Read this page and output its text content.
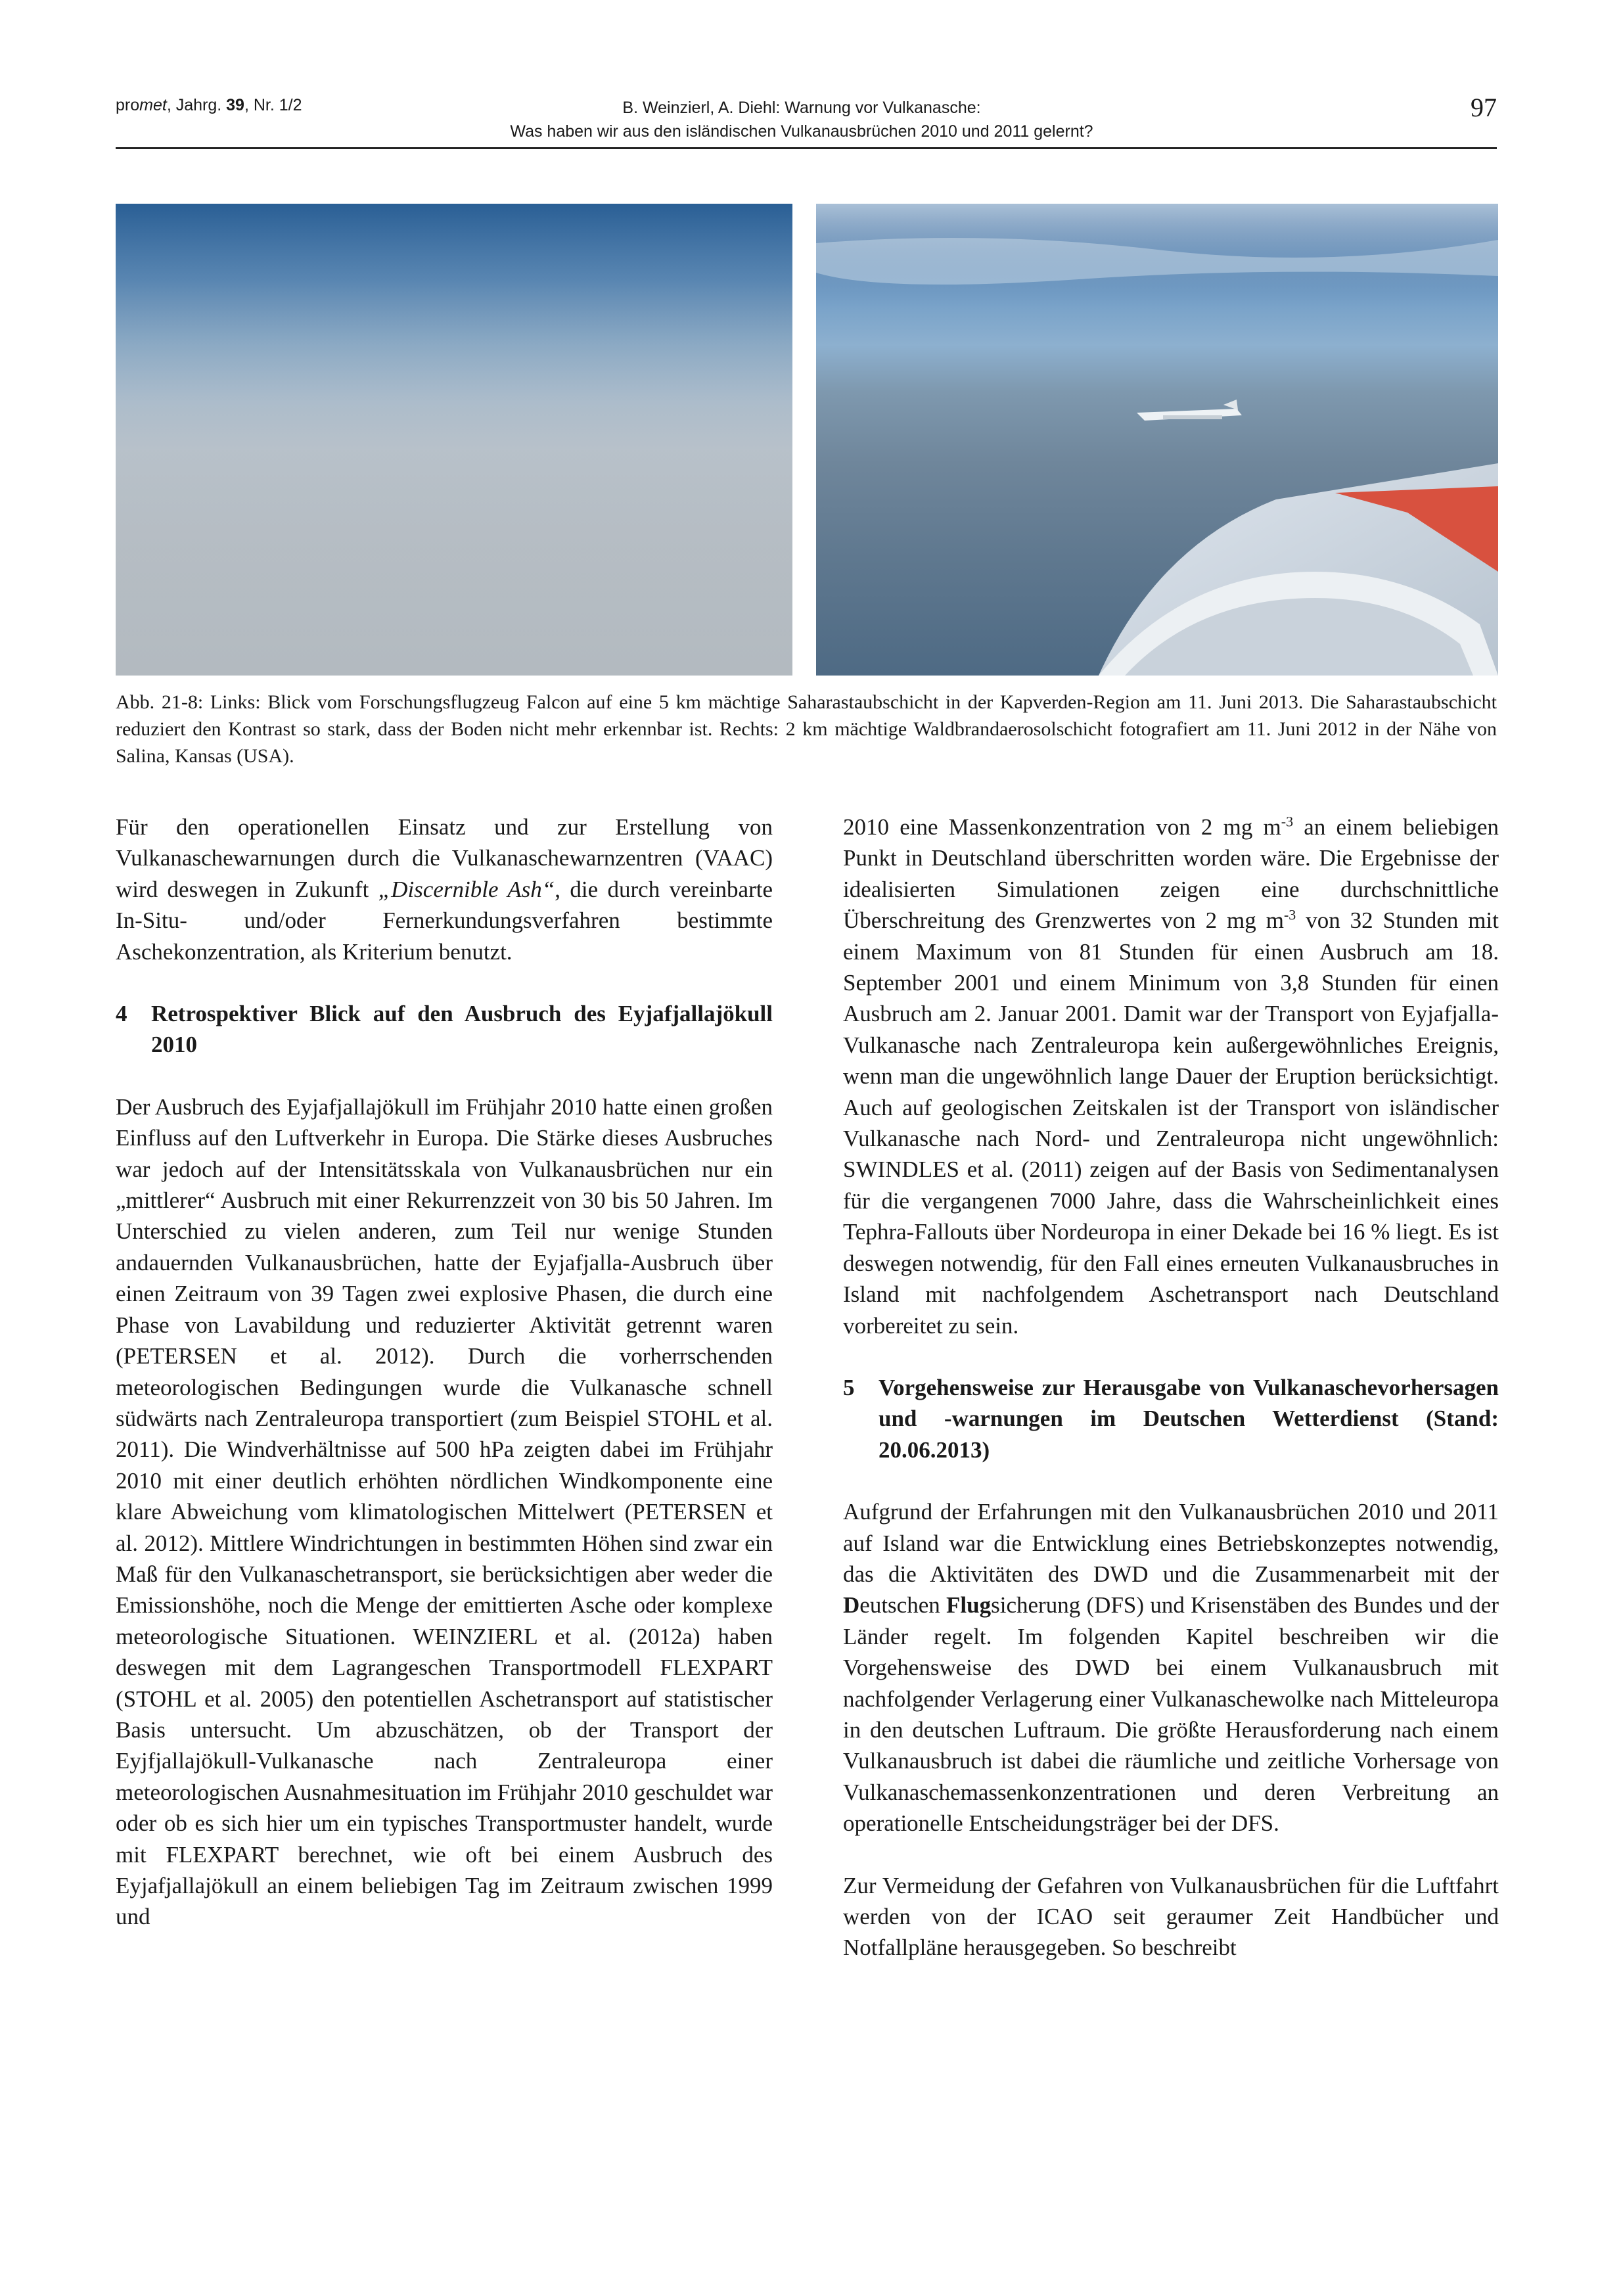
promet, Jahrg. 39, Nr. 1/2	B. Weinzierl, A. Diehl: Warnung vor Vulkanasche:
Was haben wir aus den isländischen Vulkanausbrüchen 2010 und 2011 gelernt?
97
Abb. 21-8: Links: Blick vom Forschungsflugzeug Falcon auf eine 5 km mächtige Saharastaubschicht in der Kapverden-Region am 11. Juni 2013. Die Saharastaubschicht reduziert den Kontrast so stark, dass der Boden nicht mehr erkennbar ist. Rechts: 2 km mächtige Waldbrandaerosolschicht fotografiert am 11. Juni 2012 in der Nähe von Salina, Kansas (USA).

Für den operationellen Einsatz und zur Erstellung von Vulkanaschewarnungen durch die Vulkanaschewarnzentren (VAAC) wird deswegen in Zukunft „Discernible Ash“, die durch vereinbarte In-Situ- und/oder Fernerkundungsverfahren bestimmte Aschekonzentration, als Kriterium benutzt.

4	Retrospektiver Blick auf den Ausbruch des Eyjafjallajökull 2010

Der Ausbruch des Eyjafjallajökull im Frühjahr 2010 hatte einen großen Einfluss auf den Luftverkehr in Europa. Die Stärke dieses Ausbruches war jedoch auf der Intensitätsskala von Vulkanausbrüchen nur ein „mittlerer“ Ausbruch mit einer Rekurrenzzeit von 30 bis 50 Jahren. Im Unterschied zu vielen anderen, zum Teil nur wenige Stunden andauernden Vulkanausbrüchen, hatte der Eyjafjalla-Ausbruch über einen Zeitraum von 39 Tagen zwei explosive Phasen, die durch eine Phase von Lavabildung und reduzierter Aktivität getrennt waren (PETERSEN et al. 2012). Durch die vorherrschenden meteorologischen Bedingungen wurde die Vulkanasche schnell südwärts nach Zentraleuropa transportiert (zum Beispiel STOHL et al. 2011). Die Windverhältnisse auf 500 hPa zeigten dabei im Frühjahr 2010 mit einer deutlich erhöhten nördlichen Windkomponente eine klare Abweichung vom klimatologischen Mittelwert (PETERSEN et al. 2012). Mittlere Windrichtungen in bestimmten Höhen sind zwar ein Maß für den Vulkanaschetransport, sie berücksichtigen aber weder die Emissionshöhe, noch die Menge der emittierten Asche oder komplexe meteorologische Situationen. WEINZIERL et al. (2012a) haben deswegen mit dem Lagrangeschen Transportmodell FLEXPART (STOHL et al. 2005) den potentiellen Aschetransport auf statistischer Basis untersucht. Um abzuschätzen, ob der Transport der Eyjfjallajökull-Vulkanasche nach Zentraleuropa einer meteorologischen Ausnahmesituation im Frühjahr 2010 geschuldet war oder ob es sich hier um ein typisches Transportmuster handelt, wurde mit FLEXPART berechnet, wie oft bei einem Ausbruch des Eyjafjallajökull an einem beliebigen Tag im Zeitraum zwischen 1999 und

2010 eine Massenkonzentration von 2 mg $m^{-3}$ an einem beliebigen Punkt in Deutschland überschritten worden wäre. Die Ergebnisse der idealisierten Simulationen zeigen eine durchschnittliche Überschreitung des Grenzwertes von 2 mg $m^{-3}$ von 32 Stunden mit einem Maximum von 81 Stunden für einen Ausbruch am 18. September 2001 und einem Minimum von 3,8 Stunden für einen Ausbruch am 2. Januar 2001. Damit war der Transport von Eyjafjalla-Vulkanasche nach Zentraleuropa kein außergewöhnliches Ereignis, wenn man die ungewöhnlich lange Dauer der Eruption berücksichtigt. Auch auf geologischen Zeitskalen ist der Transport von isländischer Vulkanasche nach Nord- und Zentraleuropa nicht ungewöhnlich: SWINDLES et al. (2011) zeigen auf der Basis von Sedimentanalysen für die vergangenen 7000 Jahre, dass die Wahrscheinlichkeit eines Tephra-Fallouts über Nordeuropa in einer Dekade bei 16 % liegt. Es ist deswegen notwendig, für den Fall eines erneuten Vulkanausbruches in Island mit nachfolgendem Aschetransport nach Deutschland vorbereitet zu sein.

5	Vorgehensweise zur Herausgabe von Vulkanaschevorhersagen und -warnungen im Deutschen Wetterdienst (Stand: 20.06.2013)

Aufgrund der Erfahrungen mit den Vulkanausbrüchen 2010 und 2011 auf Island war die Entwicklung eines Betriebskonzeptes notwendig, das die Aktivitäten des DWD und die Zusammenarbeit mit der Deutschen Flugsicherung (DFS) und Krisenstäben des Bundes und der Länder regelt. Im folgenden Kapitel beschreiben wir die Vorgehensweise des DWD bei einem Vulkanausbruch mit nachfolgender Verlagerung einer Vulkanaschewolke nach Mitteleuropa in den deutschen Luftraum. Die größte Herausforderung nach einem Vulkanausbruch ist dabei die räumliche und zeitliche Vorhersage von Vulkanaschemassenkonzentrationen und deren Verbreitung an operationelle Entscheidungsträger bei der DFS.

Zur Vermeidung der Gefahren von Vulkanausbrüchen für die Luftfahrt werden von der ICAO seit geraumer Zeit Handbücher und Notfallpläne herausgegeben. So beschreibt
